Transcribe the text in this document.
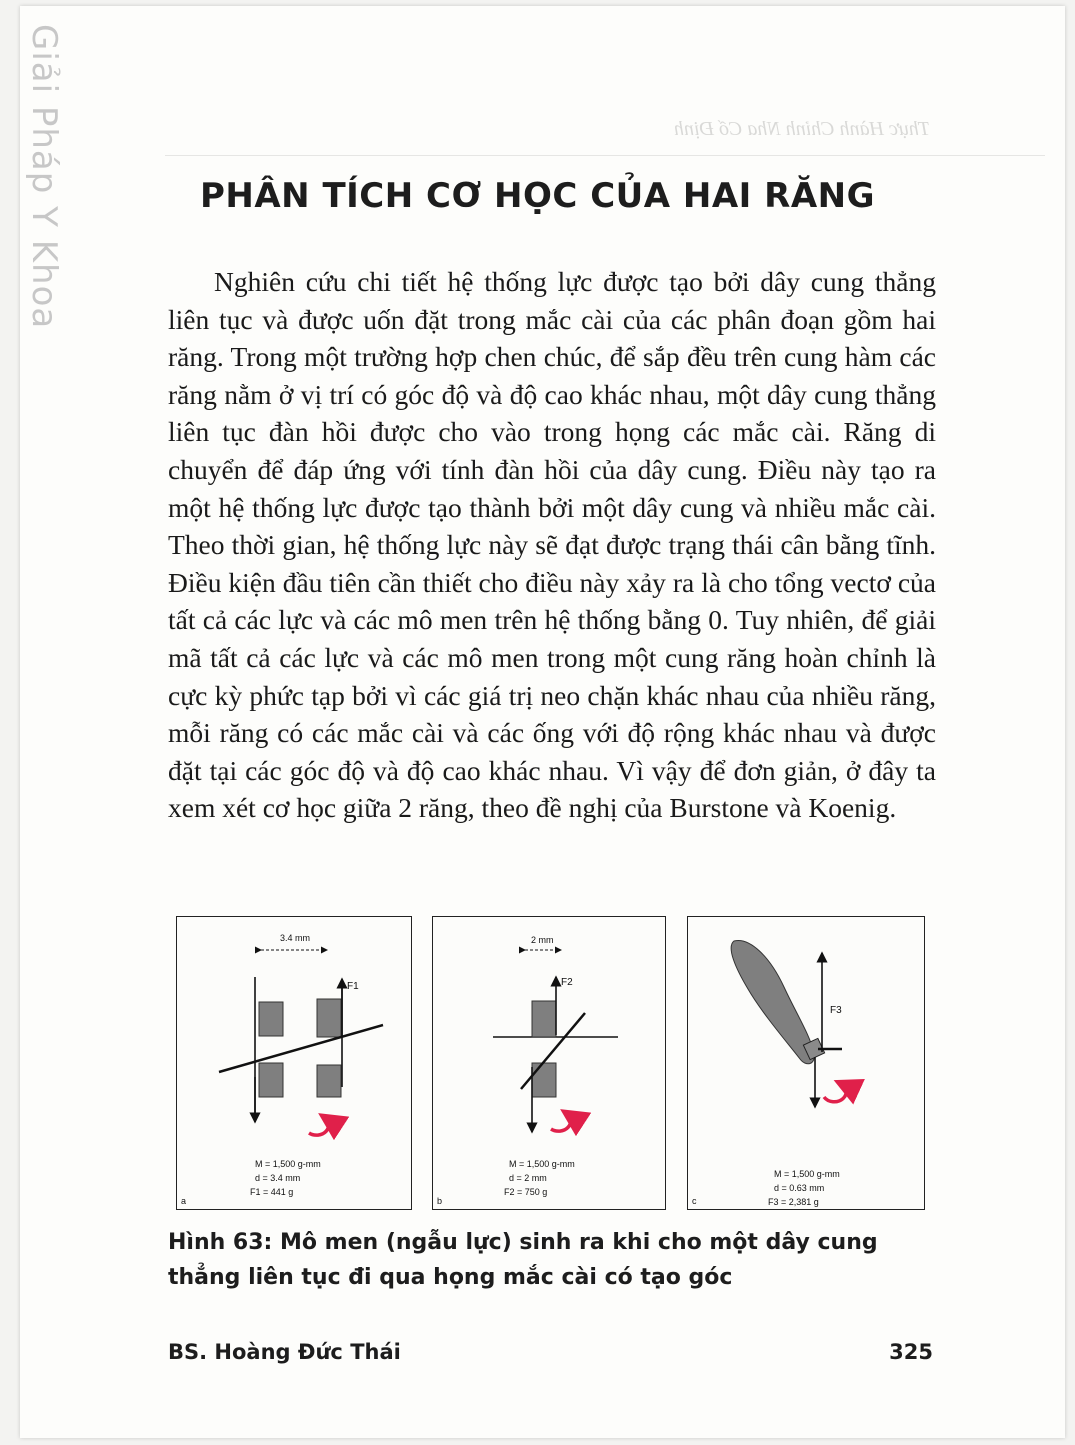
Giải Pháp Y Khoa	Thực Hành Chỉnh Nha Cố Định
PHÂN TÍCH CƠ HỌC CỦA HAI RĂNG

Nghiên cứu chi tiết hệ thống lực được tạo bởi dây cung thẳng liên tục và được uốn đặt trong mắc cài của các phân đoạn gồm hai răng. Trong một trường hợp chen chúc, để sắp đều trên cung hàm các răng nằm ở vị trí có góc độ và độ cao khác nhau, một dây cung thẳng liên tục đàn hồi được cho vào trong họng các mắc cài. Răng di chuyển để đáp ứng với tính đàn hồi của dây cung. Điều này tạo ra một hệ thống lực được tạo thành bởi một dây cung và nhiều mắc cài. Theo thời gian, hệ thống lực này sẽ đạt được trạng thái cân bằng tĩnh. Điều kiện đầu tiên cần thiết cho điều này xảy ra là cho tổng vectơ của tất cả các lực và các mô men trên hệ thống bằng 0. Tuy nhiên, để giải mã tất cả các lực và các mô men trong một cung răng hoàn chỉnh là cực kỳ phức tạp bởi vì các giá trị neo chặn khác nhau của nhiều răng, mỗi răng có các mắc cài và các ống với độ rộng khác nhau và được đặt tại các góc độ và độ cao khác nhau. Vì vậy để đơn giản, ở đây ta xem xét cơ học giữa 2 răng, theo đề nghị của Burstone và Koenig.

3.4 mm
F1
M = 1,500 g-mm
d = 3.4 mm
F1 = 441 g
a
2 mm
F2
M = 1,500 g-mm
d = 2 mm
F2 = 750 g
b
F3
M = 1,500 g-mm
d = 0.63 mm
F3 = 2,381 g
c

Hình 63: Mô men (ngẫu lực) sinh ra khi cho một dây cung thẳng liên tục đi qua họng mắc cài có tạo góc

BS. Hoàng Đức Thái	325
